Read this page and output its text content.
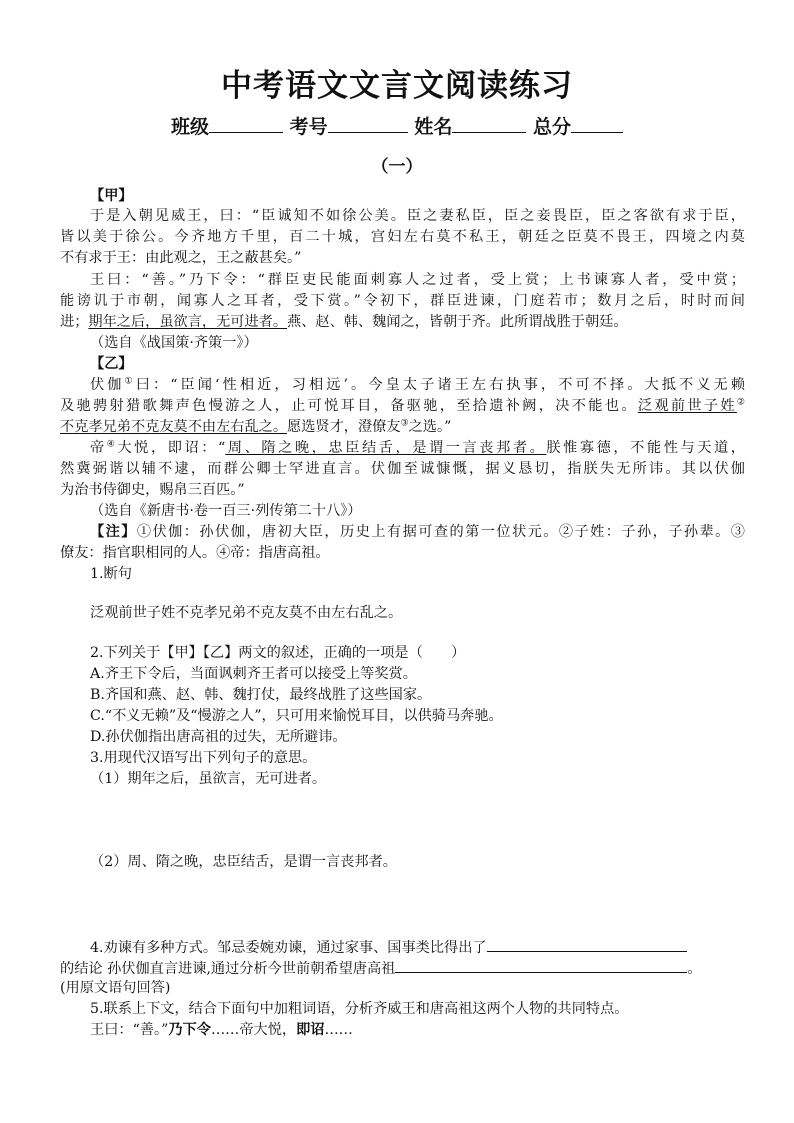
中考语文文言文阅读练习
班级	考号	姓名	总分
（一）
【甲】
于是入朝见威王，曰：“臣诚知不如徐公美。臣之妻私臣，臣之妾畏臣，臣之客欲有求于臣，
皆以美于徐公。今齐地方千里，百二十城，宫妇左右莫不私王，朝廷之臣莫不畏王，四境之内莫
不有求于王：由此观之，王之蔽甚矣。”
王曰：“善。”乃下令：“群臣吏民能面刺寡人之过者，受上赏；上书谏寡人者，受中赏；
能谤讥于市朝，闻寡人之耳者，受下赏。”令初下，群臣进谏，门庭若市；数月之后，时时而间
进；期年之后，虽欲言，无可进者。燕、赵、韩、魏闻之，皆朝于齐。此所谓战胜于朝廷。
（选自《战国策·齐策一》）
【乙】
伏伽①曰：“臣闻‘性相近，习相远’。今皇太子诸王左右执事，不可不择。大抵不义无赖
及驰骋射猎歌舞声色慢游之人，止可悦耳目，备驱驰，至拾遗补阙，决不能也。泛观前世子姓②
不克孝兄弟不克友莫不由左右乱之。愿选贤才，澄僚友③之选。”
帝④大悦，即诏：“周、隋之晚，忠臣结舌，是谓一言丧邦者。朕惟寡德，不能性与天道，
然冀弼谐以辅不逮，而群公卿士罕进直言。伏伽至诚慷慨，据义恳切，指朕失无所讳。其以伏伽
为治书侍御史，赐帛三百匹。”
（选自《新唐书·卷一百三·列传第二十八》）
【注】①伏伽：孙伏伽，唐初大臣，历史上有据可查的第一位状元。②子姓：子孙，子孙辈。③
僚友：指官职相同的人。④帝：指唐高祖。
1.断句
泛观前世子姓不克孝兄弟不克友莫不由左右乱之。
2.下列关于【甲】【乙】两文的叙述，正确的一项是（　　）
A.齐王下令后，当面讽刺齐王者可以接受上等奖赏。
B.齐国和燕、赵、韩、魏打仗，最终战胜了这些国家。
C.“不义无赖”及“慢游之人”，只可用来愉悦耳目，以供骑马奔驰。
D.孙伏伽指出唐高祖的过失，无所避讳。
3.用现代汉语写出下列句子的意思。
（1）期年之后，虽欲言，无可进者。
（2）周、隋之晚，忠臣结舌，是谓一言丧邦者。
4.劝谏有多种方式。邹忌委婉劝谏，通过家事、国事类比得出了
的结论 孙伏伽直言进谏,通过分析今世前朝希望唐高祖	。
(用原文语句回答)
5.联系上下文，结合下面句中加粗词语，分析齐威王和唐高祖这两个人物的共同特点。
王曰：“善。”乃下令……帝大悦，即诏……
